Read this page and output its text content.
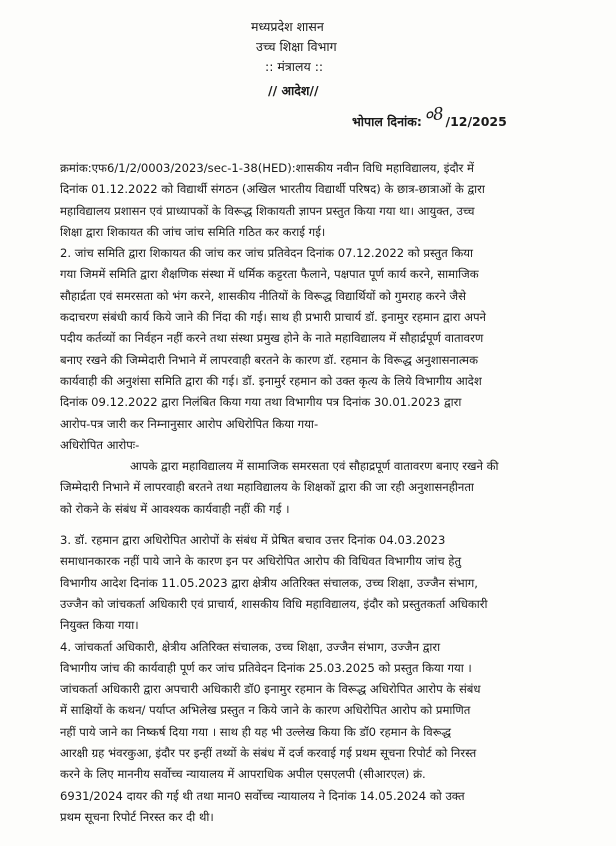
मध्यप्रदेश शासन
उच्च शिक्षा विभाग
:: मंत्रालय ::
// आदेश//
भोपाल दिनांक:०8/12/2025
क्रमांक:एफ6/1/2/0003/2023/sec-1-38(HED):शासकीय नवीन विधि महाविद्यालय, इंदौर में
दिनांक 01.12.2022 को विद्यार्थी संगठन (अखिल भारतीय विद्यार्थी परिषद) के छात्र-छात्राओं के द्वारा
महाविद्यालय प्रशासन एवं प्राध्यापकों के विरूद्ध शिकायती ज्ञापन प्रस्तुत किया गया था। आयुक्त, उच्च
शिक्षा द्वारा शिकायत की जांच जांच समिति गठित कर कराई गई।
2. जांच समिति द्वारा शिकायत की जांच कर जांच प्रतिवेदन दिनांक 07.12.2022 को प्रस्तुत किया
गया जिममें समिति द्वारा शैक्षणिक संस्था में धर्मिक कट्टरता फैलाने, पक्षपात पूर्ण कार्य करने, सामाजिक
सौहार्द्रता एवं समरसता को भंग करने, शासकीय नीतियों के विरूद्ध विद्यार्थियों को गुमराह करने जैसे
कदाचरण संबंधी कार्य किये जाने की निंदा की गई। साथ ही प्रभारी प्राचार्य डॉ. इनामुर रहमान द्वारा अपने
पदीय कर्तव्यों का निर्वहन नहीं करने तथा संस्था प्रमुख होने के नाते महाविद्यालय में सौहार्द्रपूर्ण वातावरण
बनाए रखने की जिम्मेदारी निभाने में लापरवाही बरतने के कारण डॉ. रहमान के विरूद्ध अनुशासनात्मक
कार्यवाही की अनुशंसा समिति द्वारा की गई। डॉ. इनामुर्र रहमान को उक्त कृत्य के लिये विभागीय आदेश
दिनांक 09.12.2022 द्वारा निलंबित किया गया तथा विभागीय पत्र दिनांक 30.01.2023 द्वारा
आरोप-पत्र जारी कर निम्नानुसार आरोप अधिरोपित किया गया-
अधिरोपित आरोपः-
आपके द्वारा महाविद्यालय में सामाजिक समरसता एवं सौहाद्रपूर्ण वातावरण बनाए रखने की
जिम्मेदारी निभाने में लापरवाही बरतने तथा महाविद्यालय के शिक्षकों द्वारा की जा रही अनुशासनहीनता
को रोकने के संबंध में आवश्यक कार्यवाही नहीं की गई ।
3. डॉ. रहमान द्वारा अधिरोपित आरोपों के संबंध में प्रेषित बचाव उत्तर दिनांक 04.03.2023
समाधानकारक नहीं पाये जाने के कारण इन पर अधिरोपित आरोप की विधिवत विभागीय जांच हेतु
विभागीय आदेश दिनांक 11.05.2023 द्वारा क्षेत्रीय अतिरिक्त संचालक, उच्च शिक्षा, उज्जैन संभाग,
उज्जैन को जांचकर्ता अधिकारी एवं प्राचार्य, शासकीय विधि महाविद्यालय, इंदौर को प्रस्तुतकर्ता अधिकारी
नियुक्त किया गया।
4. जांचकर्ता अधिकारी, क्षेत्रीय अतिरिक्त संचालक, उच्च शिक्षा, उज्जैन संभाग, उज्जैन द्वारा
विभागीय जांच की कार्यवाही पूर्ण कर जांच प्रतिवेदन दिनांक 25.03.2025 को प्रस्तुत किया गया ।
जांचकर्ता अधिकारी द्वारा अपचारी अधिकारी डॉ0 इनामुर रहमान के विरूद्ध अधिरोपित आरोप के संबंध
में साक्षियों के कथन/ पर्याप्त अभिलेख प्रस्तुत न किये जाने के कारण अधिरोपित आरोप को प्रमाणित
नहीं पाये जाने का निष्कर्ष दिया गया । साथ ही यह भी उल्लेख किया कि डॉ0 रहमान के विरूद्ध
आरक्षी ग्रह भंवरकुआ, इंदौर पर इन्हीं तथ्यों के संबंध में दर्ज करवाई गई प्रथम सूचना रिपोर्ट को निरस्त
करने के लिए माननीय सर्वोच्च न्यायालय में आपराधिक अपील एसएलपी (सीआरएल) क्रं.
6931/2024 दायर की गई थी तथा मान0 सर्वोच्च न्यायालय ने दिनांक 14.05.2024 को उक्त
प्रथम सूचना रिपोर्ट निरस्त कर दी थी।
